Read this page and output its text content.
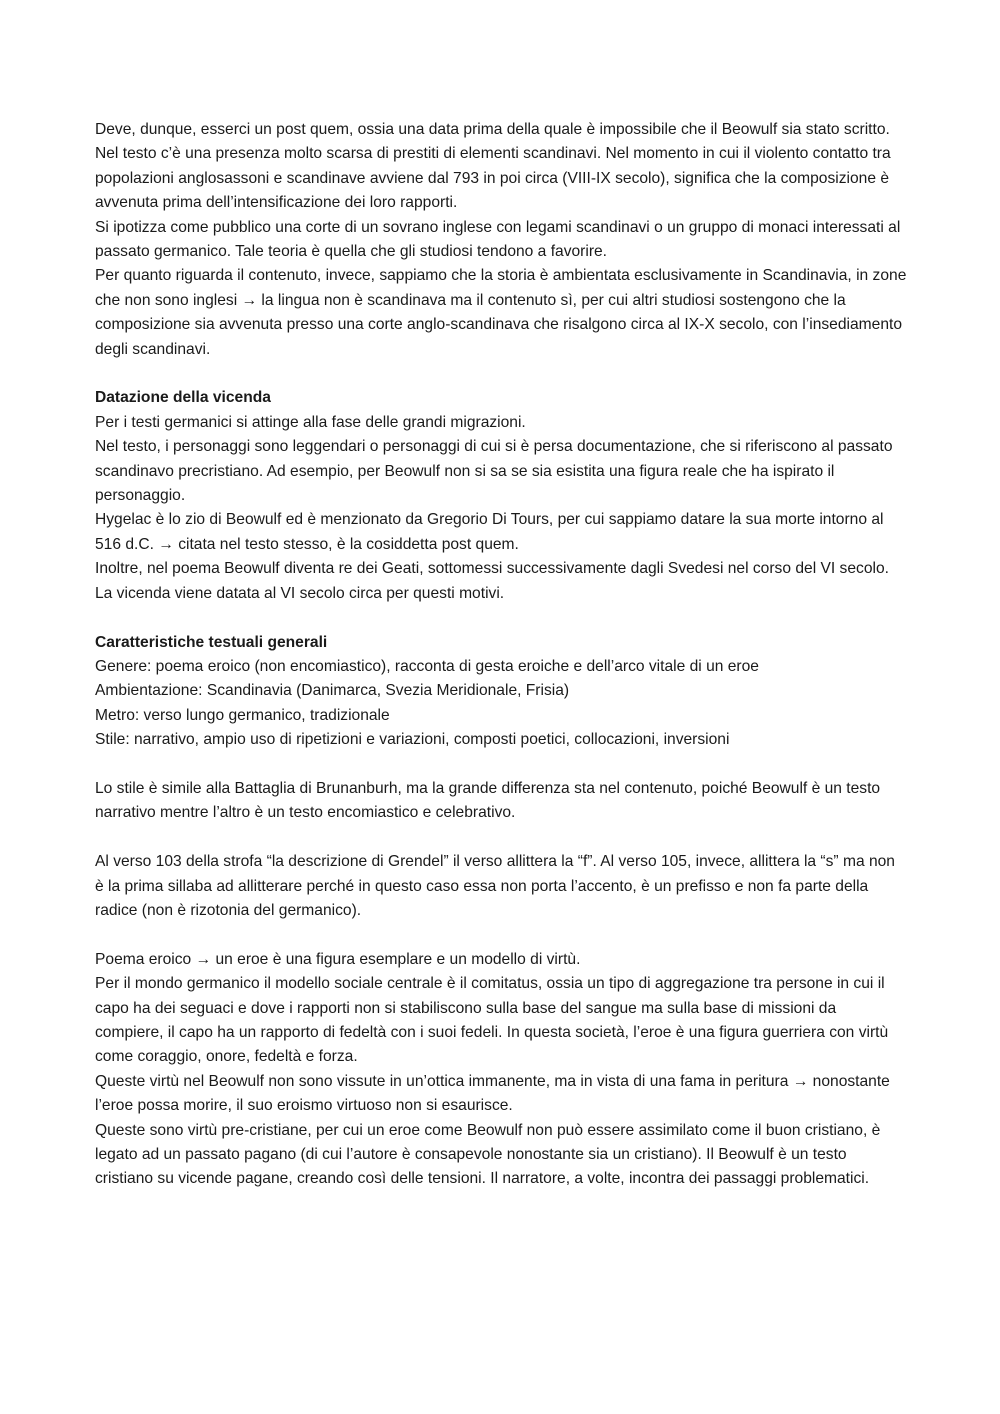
Deve, dunque, esserci un post quem, ossia una data prima della quale è impossibile che il Beowulf sia stato scritto.

Nel testo c’è una presenza molto scarsa di prestiti di elementi scandinavi. Nel momento in cui il violento contatto tra popolazioni anglosassoni e scandinave avviene dal 793 in poi circa (VIII-IX secolo), significa che la composizione è avvenuta prima dell’intensificazione dei loro rapporti.

Si ipotizza come pubblico una corte di un sovrano inglese con legami scandinavi o un gruppo di monaci interessati al passato germanico. Tale teoria è quella che gli studiosi tendono a favorire.

Per quanto riguarda il contenuto, invece, sappiamo che la storia è ambientata esclusivamente in Scandinavia, in zone che non sono inglesi → la lingua non è scandinava ma il contenuto sì, per cui altri studiosi sostengono che la composizione sia avvenuta presso una corte anglo-scandinava che risalgono circa al IX-X secolo, con l’insediamento degli scandinavi.

Datazione della vicenda

Per i testi germanici si attinge alla fase delle grandi migrazioni.

Nel testo, i personaggi sono leggendari o personaggi di cui si è persa documentazione, che si riferiscono al passato scandinavo precristiano. Ad esempio, per Beowulf non si sa se sia esistita una figura reale che ha ispirato il personaggio.

Hygelac è lo zio di Beowulf ed è menzionato da Gregorio Di Tours, per cui sappiamo datare la sua morte intorno al 516 d.C. → citata nel testo stesso, è la cosiddetta post quem.

Inoltre, nel poema Beowulf diventa re dei Geati, sottomessi successivamente dagli Svedesi nel corso del VI secolo.

La vicenda viene datata al VI secolo circa per questi motivi.

Caratteristiche testuali generali

Genere: poema eroico (non encomiastico), racconta di gesta eroiche e dell’arco vitale di un eroe

Ambientazione: Scandinavia (Danimarca, Svezia Meridionale, Frisia)

Metro: verso lungo germanico, tradizionale

Stile: narrativo, ampio uso di ripetizioni e variazioni, composti poetici, collocazioni, inversioni

Lo stile è simile alla Battaglia di Brunanburh, ma la grande differenza sta nel contenuto, poiché Beowulf è un testo narrativo mentre l’altro è un testo encomiastico e celebrativo.

Al verso 103 della strofa “la descrizione di Grendel” il verso allittera la “f”. Al verso 105, invece, allittera la “s” ma non è la prima sillaba ad allitterare perché in questo caso essa non porta l’accento, è un prefisso e non fa parte della radice (non è rizotonia del germanico).

Poema eroico → un eroe è una figura esemplare e un modello di virtù.

Per il mondo germanico il modello sociale centrale è il comitatus, ossia un tipo di aggregazione tra persone in cui il capo ha dei seguaci e dove i rapporti non si stabiliscono sulla base del sangue ma sulla base di missioni da compiere, il capo ha un rapporto di fedeltà con i suoi fedeli. In questa società, l’eroe è una figura guerriera con virtù come coraggio, onore, fedeltà e forza.

Queste virtù nel Beowulf non sono vissute in un’ottica immanente, ma in vista di una fama in peritura → nonostante l’eroe possa morire, il suo eroismo virtuoso non si esaurisce.

Queste sono virtù pre-cristiane, per cui un eroe come Beowulf non può essere assimilato come il buon cristiano, è legato ad un passato pagano (di cui l’autore è consapevole nonostante sia un cristiano). Il Beowulf è un testo cristiano su vicende pagane, creando così delle tensioni. Il narratore, a volte, incontra dei passaggi problematici.
